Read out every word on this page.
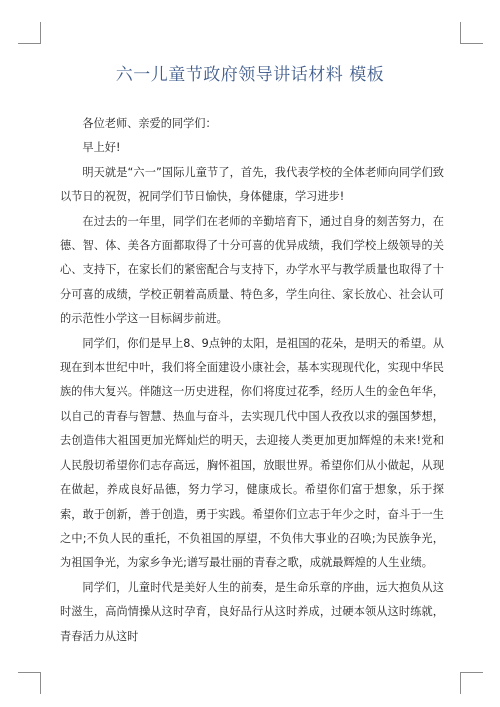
六一儿童节政府领导讲话材料 模板

各位老师、亲爱的同学们：

早上好!

明天就是“六一”国际儿童节了，首先，我代表学校的全体老师向同学们致以节日的祝贺，祝同学们节日愉快，身体健康，学习进步!

在过去的一年里，同学们在老师的辛勤培育下，通过自身的刻苦努力，在德、智、体、美各方面都取得了十分可喜的优异成绩，我们学校上级领导的关心、支持下，在家长们的紧密配合与支持下，办学水平与教学质量也取得了十分可喜的成绩，学校正朝着高质量、特色多，学生向往、家长放心、社会认可的示范性小学这一目标阔步前进。

同学们，你们是早上8、9点钟的太阳，是祖国的花朵，是明天的希望。从现在到本世纪中叶，我们将全面建设小康社会，基本实现现代化，实现中华民族的伟大复兴。伴随这一历史进程，你们将度过花季，经历人生的金色年华，以自己的青春与智慧、热血与奋斗，去实现几代中国人孜孜以求的强国梦想，去创造伟大祖国更加光辉灿烂的明天，去迎接人类更加更加辉煌的未来!党和人民殷切希望你们志存高远，胸怀祖国，放眼世界。希望你们从小做起，从现在做起，养成良好品德，努力学习，健康成长。希望你们富于想象，乐于探索，敢于创新，善于创造，勇于实践。希望你们立志于年少之时，奋斗于一生之中;不负人民的重托，不负祖国的厚望，不负伟大事业的召唤;为民族争光，为祖国争光，为家乡争光;谱写最壮丽的青春之歌，成就最辉煌的人生业绩。

同学们，儿童时代是美好人生的前奏，是生命乐章的序曲，远大抱负从这时滋生，高尚情操从这时孕育，良好品行从这时养成，过硬本领从这时练就，青春活力从这时
